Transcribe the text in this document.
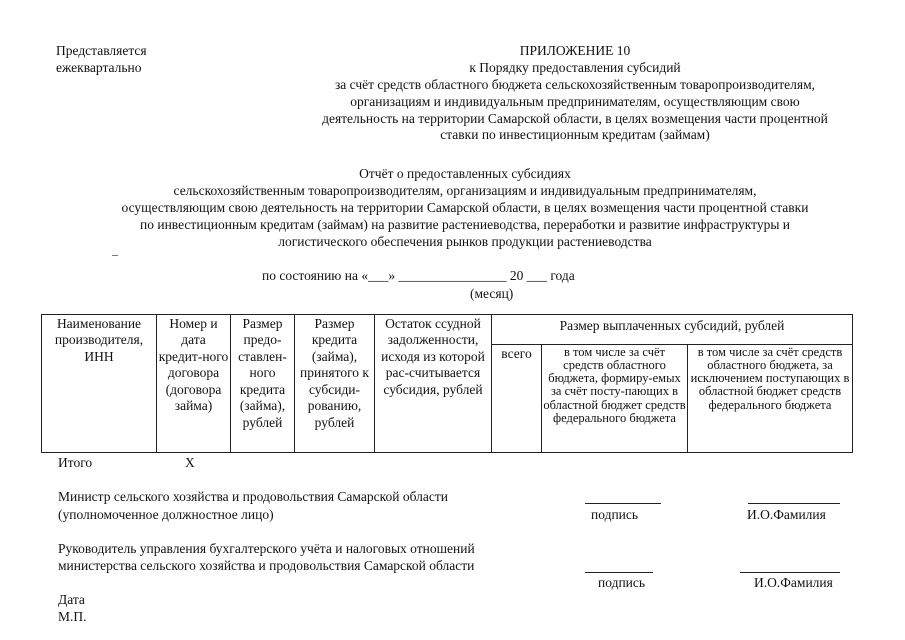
Представляется
ежеквартально
ПРИЛОЖЕНИЕ 10
к Порядку предоставления субсидий
за счёт средств областного бюджета сельскохозяйственным товаропроизводителям,
организациям и индивидуальным предпринимателям, осуществляющим свою
деятельность на территории Самарской области, в целях возмещения части процентной
ставки по инвестиционным кредитам (займам)
Отчёт о предоставленных субсидиях
сельскохозяйственным товаропроизводителям, организациям и индивидуальным предпринимателям,
осуществляющим свою деятельность на территории Самарской области, в целях возмещения части процентной ставки
по инвестиционным кредитам (займам) на развитие растениеводства, переработки и развитие инфраструктуры и
логистического обеспечения рынков продукции растениеводства
по состоянию на «___» ________________ 20 ___ года
(месяц)
Наименование производителя, ИНН	Номер и дата кредит-ного договора (договора займа)	Размер предо-ставлен-ного кредита (займа), рублей	Размер кредита (займа), принятого к субсиди-рованию, рублей	Остаток ссудной задолженности, исходя из которой рас-считывается субсидия, рублей	Размер выплаченных субсидий, рублей		
					всего	в том числе за счёт средств областного бюджета, формиру-емых за счёт посту-пающих в областной бюджет средств федерального бюджета	в том числе за счёт средств областного бюджета, за исключением поступающих в областной бюджет средств федерального бюджета
Итого	Х
Министр сельского хозяйства и продовольствия Самарской области
(уполномоченное должностное лицо)	подпись	И.О.Фамилия
Руководитель управления бухгалтерского учёта и налоговых отношений
министерства сельского хозяйства и продовольствия Самарской области
подпись	И.О.Фамилия
Дата
М.П.
